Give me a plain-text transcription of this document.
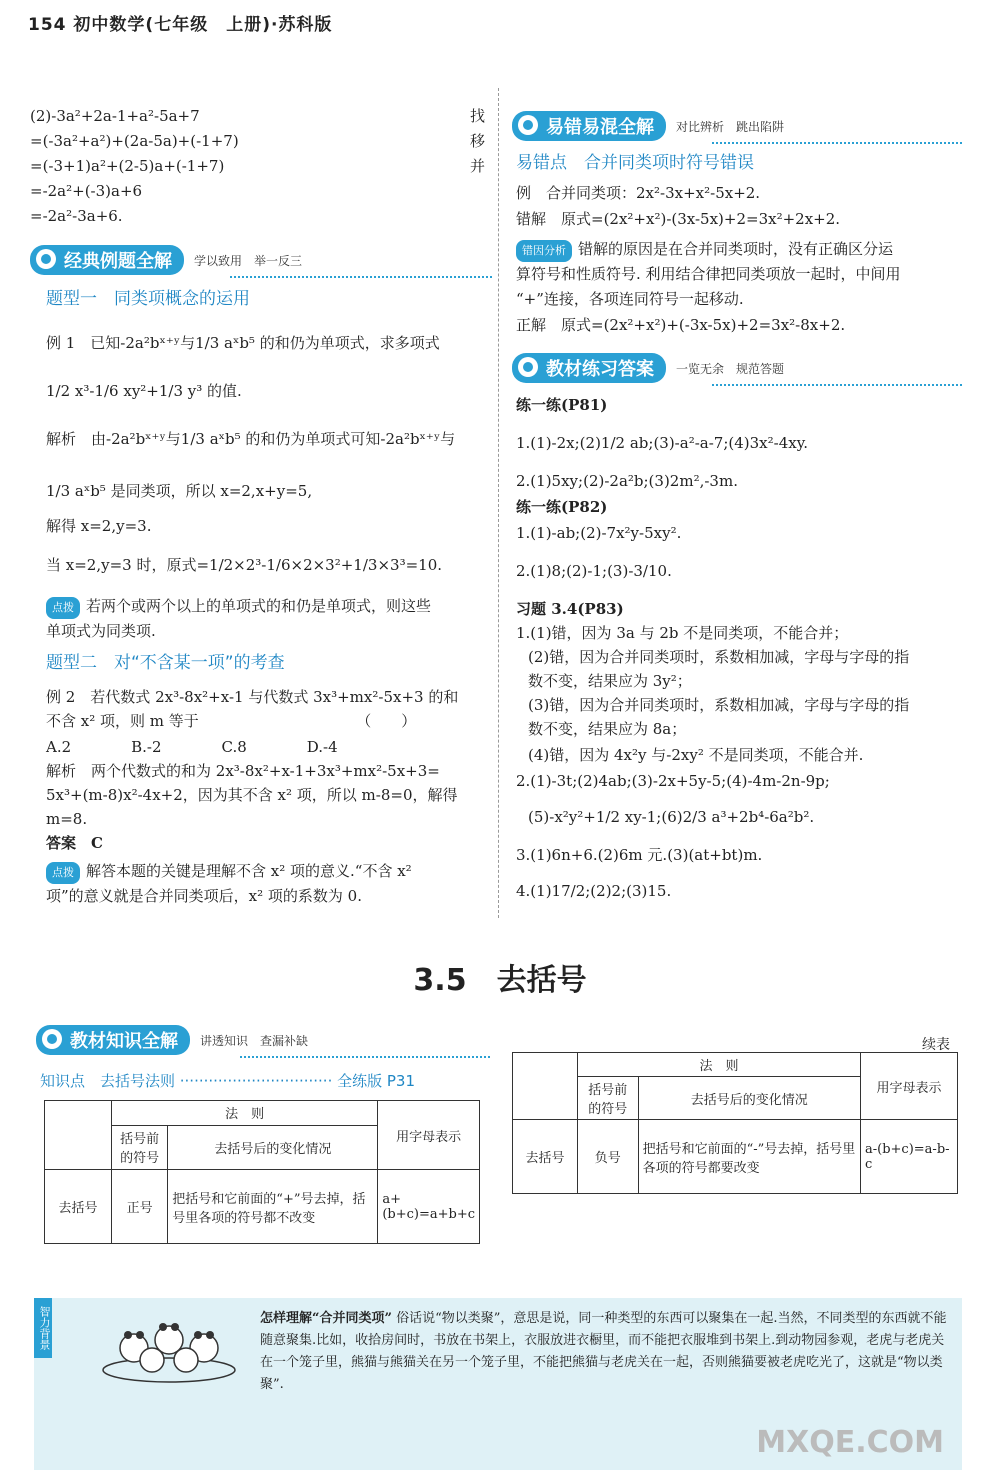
154 初中数学(七年级　上册)·苏科版
(2)-3a²+2a-1+a²-5a+7
=(-3a²+a²)+(2a-5a)+(-1+7)
=(-3+1)a²+(2-5)a+(-1+7)
=-2a²+(-3)a+6
=-2a²-3a+6.
找
移
并
经典例题全解	学以致用　举一反三
题型一　同类项概念的运用
例 1　已知-2a²bˣ⁺ʸ与1/3 aˣb⁵ 的和仍为单项式，求多项式
1/2 x³-1/6 xy²+1/3 y³ 的值.
解析　由-2a²bˣ⁺ʸ与1/3 aˣb⁵ 的和仍为单项式可知-2a²bˣ⁺ʸ与
1/3 aˣb⁵ 是同类项，所以 x=2,x+y=5,
解得 x=2,y=3.
当 x=2,y=3 时，原式=1/2×2³-1/6×2×3²+1/3×3³=10.
点拨 若两个或两个以上的单项式的和仍是单项式，则这些
单项式为同类项.
题型二　对“不含某一项”的考查
例 2　若代数式 2x³-8x²+x-1 与代数式 3x³+mx²-5x+3 的和
不含 x² 项，则 m 等于　　　　　　　　　　　（　　）
A.2　　　　B.-2　　　　C.8　　　　D.-4
解析　两个代数式的和为 2x³-8x²+x-1+3x³+mx²-5x+3=
5x³+(m-8)x²-4x+2，因为其不含 x² 项，所以 m-8=0，解得
m=8.
答案　C
点拨 解答本题的关键是理解不含 x² 项的意义.“不含 x²
项”的意义就是合并同类项后，x² 项的系数为 0.
易错易混全解	对比辨析　跳出陷阱
易错点　合并同类项时符号错误
例　合并同类项：2x²-3x+x²-5x+2.
错解　原式=(2x²+x²)-(3x-5x)+2=3x²+2x+2.
错因分析 错解的原因是在合并同类项时，没有正确区分运
算符号和性质符号. 利用结合律把同类项放一起时，中间用
“+”连接，各项连同符号一起移动.
正解　原式=(2x²+x²)+(-3x-5x)+2=3x²-8x+2.
教材练习答案	一览无余　规范答题
练一练(P81)
1.(1)-2x;(2)1/2 ab;(3)-a²-a-7;(4)3x²-4xy.
2.(1)5xy;(2)-2a²b;(3)2m²,-3m.
练一练(P82)
1.(1)-ab;(2)-7x²y-5xy².
2.(1)8;(2)-1;(3)-3/10.
习题 3.4(P83)
1.(1)错，因为 3a 与 2b 不是同类项，不能合并；
(2)错，因为合并同类项时，系数相加减，字母与字母的指
数不变，结果应为 3y²；
(3)错，因为合并同类项时，系数相加减，字母与字母的指
数不变，结果应为 8a；
(4)错，因为 4x²y 与-2xy² 不是同类项，不能合并.
2.(1)-3t;(2)4ab;(3)-2x+5y-5;(4)-4m-2n-9p;
(5)-x²y²+1/2 xy-1;(6)2/3 a³+2b⁴-6a²b².
3.(1)6n+6.(2)6m 元.(3)(at+bt)m.
4.(1)17/2;(2)2;(3)15.
3.5　去括号
教材知识全解	讲透知识　查漏补缺
知识点　去括号法则 ································ 全练版 P31
续表
	法　则		用字母表示
	括号前的符号	去括号后的变化情况	
去括号	正号	把括号和它前面的“+”号去掉，括号里各项的符号都不改变	a+(b+c)=a+b+c
	法　则		用字母表示
	括号前的符号	去括号后的变化情况	
去括号	负号	把括号和它前面的“-”号去掉，括号里各项的符号都要改变	a-(b+c)=a-b-c
智力背景	怎样理解“合并同类项” 俗话说“物以类聚”，意思是说，同一种类型的东西可以聚集在一起.当然，不同类型的东西就不能随意聚集.比如，收拾房间时，书放在书架上，衣服放进衣橱里，而不能把衣服堆到书架上.到动物园参观，老虎与老虎关在一个笼子里，熊猫与熊猫关在另一个笼子里，不能把熊猫与老虎关在一起，否则熊猫要被老虎吃光了，这就是“物以类聚”.
MXQE.COM
